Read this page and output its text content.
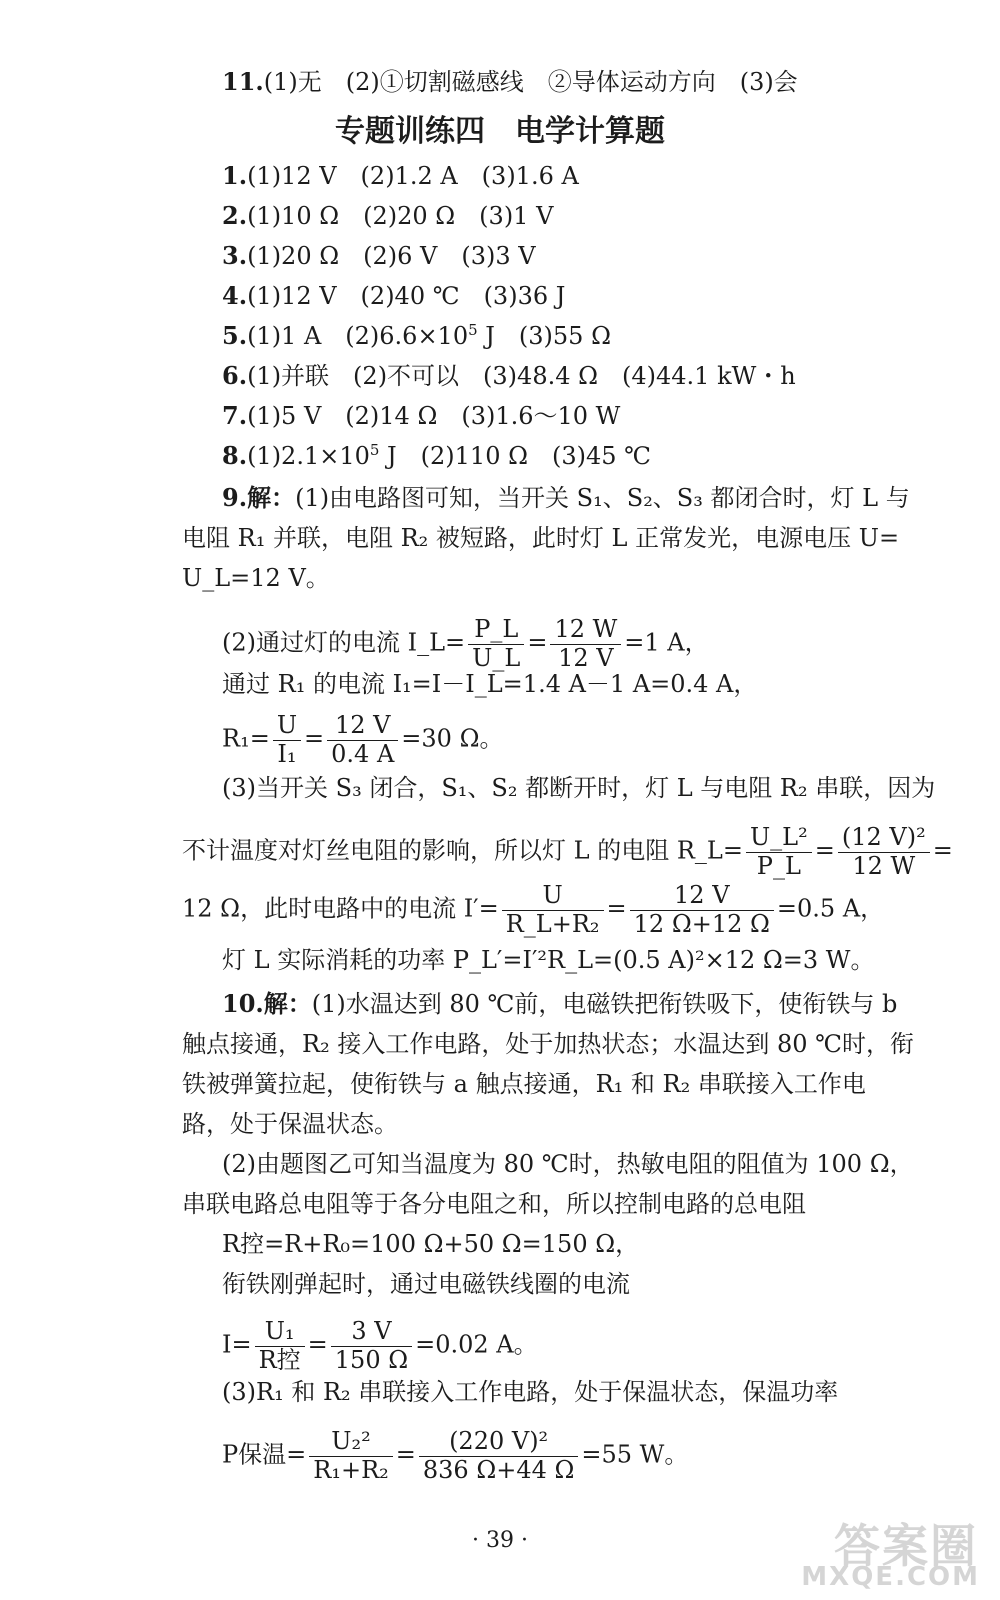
11.(1)无　(2)①切割磁感线　②导体运动方向　(3)会
专题训练四　电学计算题
1.(1)12 V　(2)1.2 A　(3)1.6 A
2.(1)10 Ω　(2)20 Ω　(3)1 V
3.(1)20 Ω　(2)6 V　(3)3 V
4.(1)12 V　(2)40 ℃　(3)36 J
5.(1)1 A　$(2)6.6\times 10^5$ J　(3)55 Ω
6.(1)并联　(2)不可以　(3)48.4 Ω　(4)44.1 kW・h
7.(1)5 V　(2)14 Ω　(3)1.6～10 W
$8.(1)2.1\times 10^5$ J　(2)110 Ω　(3)45 ℃
9.解：(1)由电路图可知，当开关 S₁、S₂、S₃ 都闭合时，灯 L 与
电阻 R₁ 并联，电阻 R₂ 被短路，此时灯 L 正常发光，电源电压 U=
U_L=12 V。
(2)通过灯的电流 I_L= $\frac{P\_L}{U\_L} = \frac{12 W}{12 V} =1$ A，
通过 R₁ 的电流 I₁=I－I_L=1.4 A－1 A=0.4 A，
$R_1= \frac{U}{\text{I₁}} = \frac{12 V}{0.4 A} =30$ Ω。
(3)当开关 S₃ 闭合，S₁、S₂ 都断开时，灯 L 与电阻 R₂ 串联，因为
不计温度对灯丝电阻的影响，所以灯 L 的电阻 R_L= $\frac{\text{U\_L²}}{P\_L} = \frac{\text{(12 V)²}}{12 W}$ =
12 Ω，此时电路中的电流 $I'= \frac{U}{\text{R\_L+R₂}} = \frac{12 V}{12 \Omega+12 \Omega} =0.5$ A，
灯 L 实际消耗的功率 P_L′=I′²R_L=(0.5 A)²×12 Ω=3 W。
10.解：(1)水温达到 80 ℃前，电磁铁把衔铁吸下，使衔铁与 b
触点接通，R₂ 接入工作电路，处于加热状态；水温达到 80 ℃时，衔
铁被弹簧拉起，使衔铁与 a 触点接通，R₁ 和 R₂ 串联接入工作电
路，处于保温状态。
(2)由题图乙可知当温度为 80 ℃时，热敏电阻的阻值为 100 Ω，
串联电路总电阻等于各分电阻之和，所以控制电路的总电阻
R控=R+R₀=100 Ω+50 Ω=150 Ω，
衔铁刚弹起时，通过电磁铁线圈的电流
$I= \frac{\text{U₁}}{\text{R控}} = \frac{3 V}{150 \Omega} =0.02$ A。
(3)R₁ 和 R₂ 串联接入工作电路，处于保温状态，保温功率
P保温= $\frac{\text{U₂²}}{\text{R₁+R₂}} = \frac{\text{(220 V)²}}{836 \Omega+44 \Omega} =55$ W。
· 39 ·	答案圈
MXQE.COM
